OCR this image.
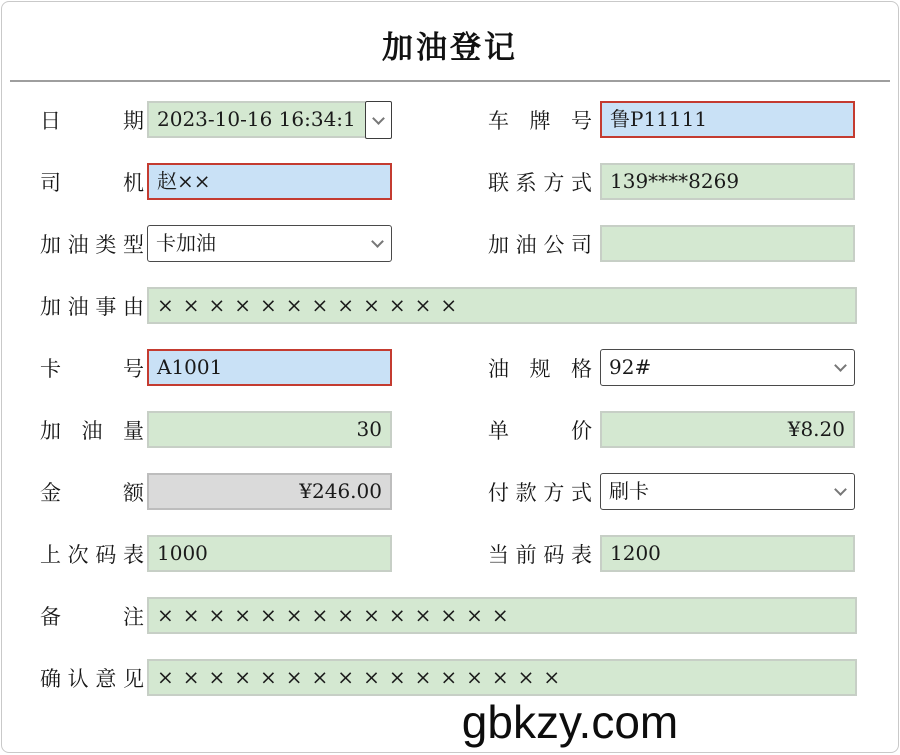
加油登记
日期 2023-10-16 16:34:1	车牌号 鲁P11111
司机 赵××	联系方式 139****8269
加油类型 卡加油	加油公司
加油事由 ××××××××××××
卡号 A1001	油规格 92#
加油量	30	单价	¥8.20
金额	¥246.00	付款方式 刷卡
上次码表 1000	当前码表 1200
备注 ××××××××××××××
确认意见 ××××××××××××××××
gbkzy.com
